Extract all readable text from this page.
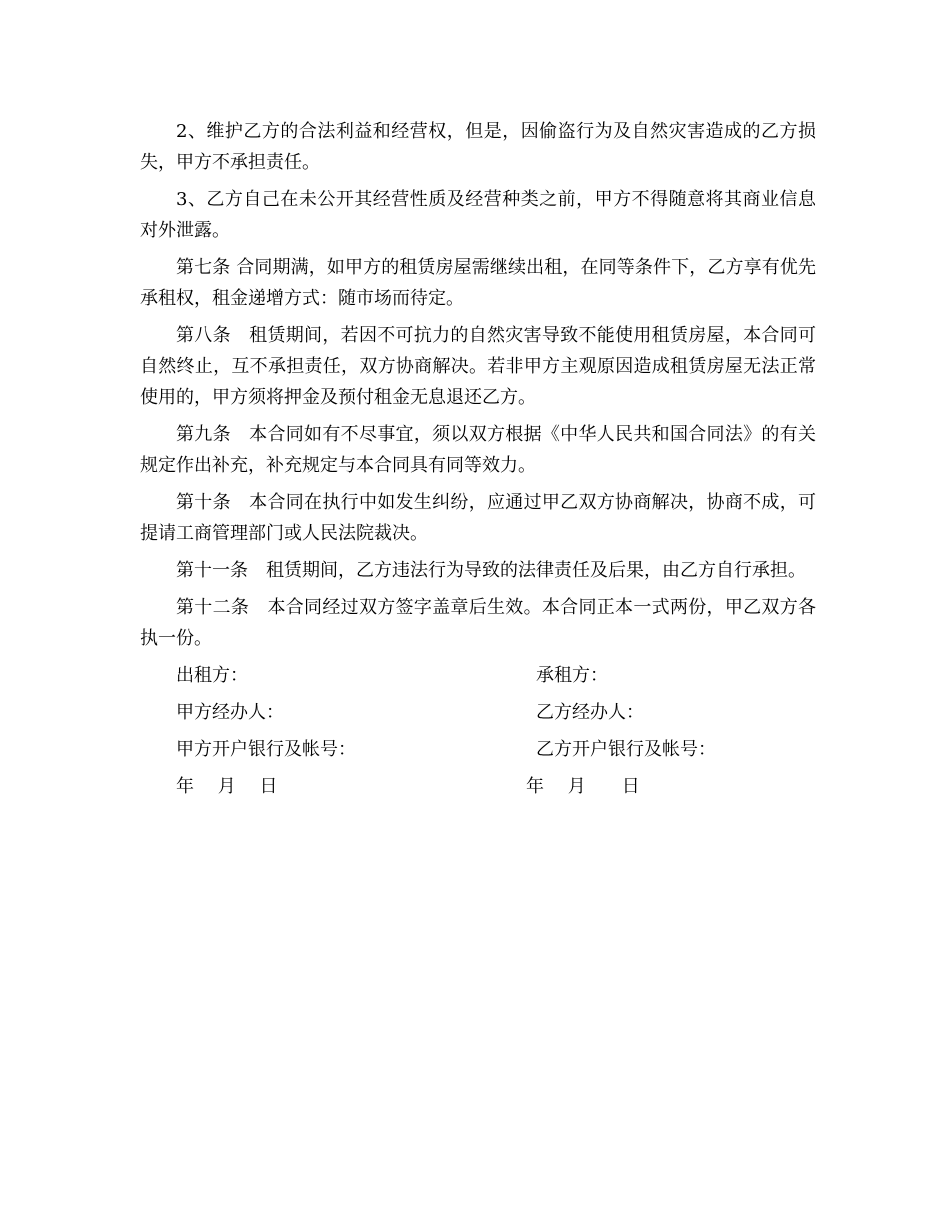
2、维护乙方的合法利益和经营权，但是，因偷盗行为及自然灾害造成的乙方损失，甲方不承担责任。

3、乙方自己在未公开其经营性质及经营种类之前，甲方不得随意将其商业信息对外泄露。

第七条 合同期满，如甲方的租赁房屋需继续出租，在同等条件下，乙方享有优先承租权，租金递增方式：随市场而待定。

第八条　租赁期间，若因不可抗力的自然灾害导致不能使用租赁房屋，本合同可自然终止，互不承担责任，双方协商解决。若非甲方主观原因造成租赁房屋无法正常使用的，甲方须将押金及预付租金无息退还乙方。

第九条　本合同如有不尽事宜，须以双方根据《中华人民共和国合同法》的有关规定作出补充，补充规定与本合同具有同等效力。

第十条　本合同在执行中如发生纠纷，应通过甲乙双方协商解决，协商不成，可提请工商管理部门或人民法院裁决。

第十一条　租赁期间，乙方违法行为导致的法律责任及后果，由乙方自行承担。

第十二条　本合同经过双方签字盖章后生效。本合同正本一式两份，甲乙双方各执一份。

出租方：	承租方：
甲方经办人：	乙方经办人：
甲方开户银行及帐号：	乙方开户银行及帐号：
年　 月　 日	年　 月　　日
